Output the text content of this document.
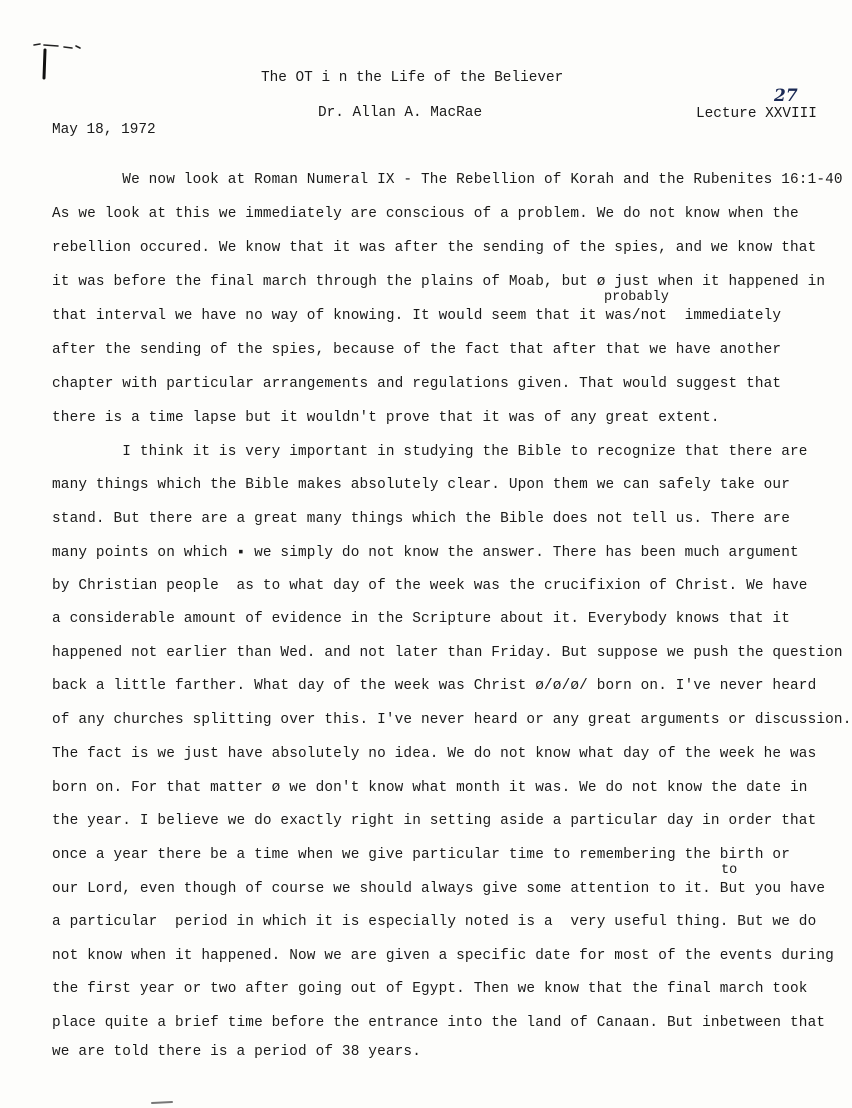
The OT i n the Life of the Believer
Dr. Allan A. MacRae	Lecture XXVIII
27
May 18, 1972
We now look at Roman Numeral IX - The Rebellion of Korah and the Rubenites 16:1-40
As we look at this we immediately are conscious of a problem. We do not know when the
rebellion occured. We know that it was after the sending of the spies, and we know that
it was before the final march through the plains of Moab, but ø just when it happened in
that interval we have no way of knowing. It would seem that it was/not  immediately
after the sending of the spies, because of the fact that after that we have another
chapter with particular arrangements and regulations given. That would suggest that
there is a time lapse but it wouldn't prove that it was of any great extent.
I think it is very important in studying the Bible to recognize that there are
many things which the Bible makes absolutely clear. Upon them we can safely take our
stand. But there are a great many things which the Bible does not tell us. There are
many points on which ▪ we simply do not know the answer. There has been much argument
by Christian people  as to what day of the week was the crucifixion of Christ. We have
a considerable amount of evidence in the Scripture about it. Everybody knows that it
happened not earlier than Wed. and not later than Friday. But suppose we push the question
back a little farther. What day of the week was Christ ø/ø/ø/ born on. I've never heard
of any churches splitting over this. I've never heard or any great arguments or discussion.
The fact is we just have absolutely no idea. We do not know what day of the week he was
born on. For that matter ø we don't know what month it was. We do not know the date in
the year. I believe we do exactly right in setting aside a particular day in order that
once a year there be a time when we give particular time to remembering the birth or
our Lord, even though of course we should always give some attention to it. But you have
a particular  period in which it is especially noted is a  very useful thing. But we do
not know when it happened. Now we are given a specific date for most of the events during
the first year or two after going out of Egypt. Then we know that the final march took
place quite a brief time before the entrance into the land of Canaan. But inbetween that
we are told there is a period of 38 years.
probably
to
